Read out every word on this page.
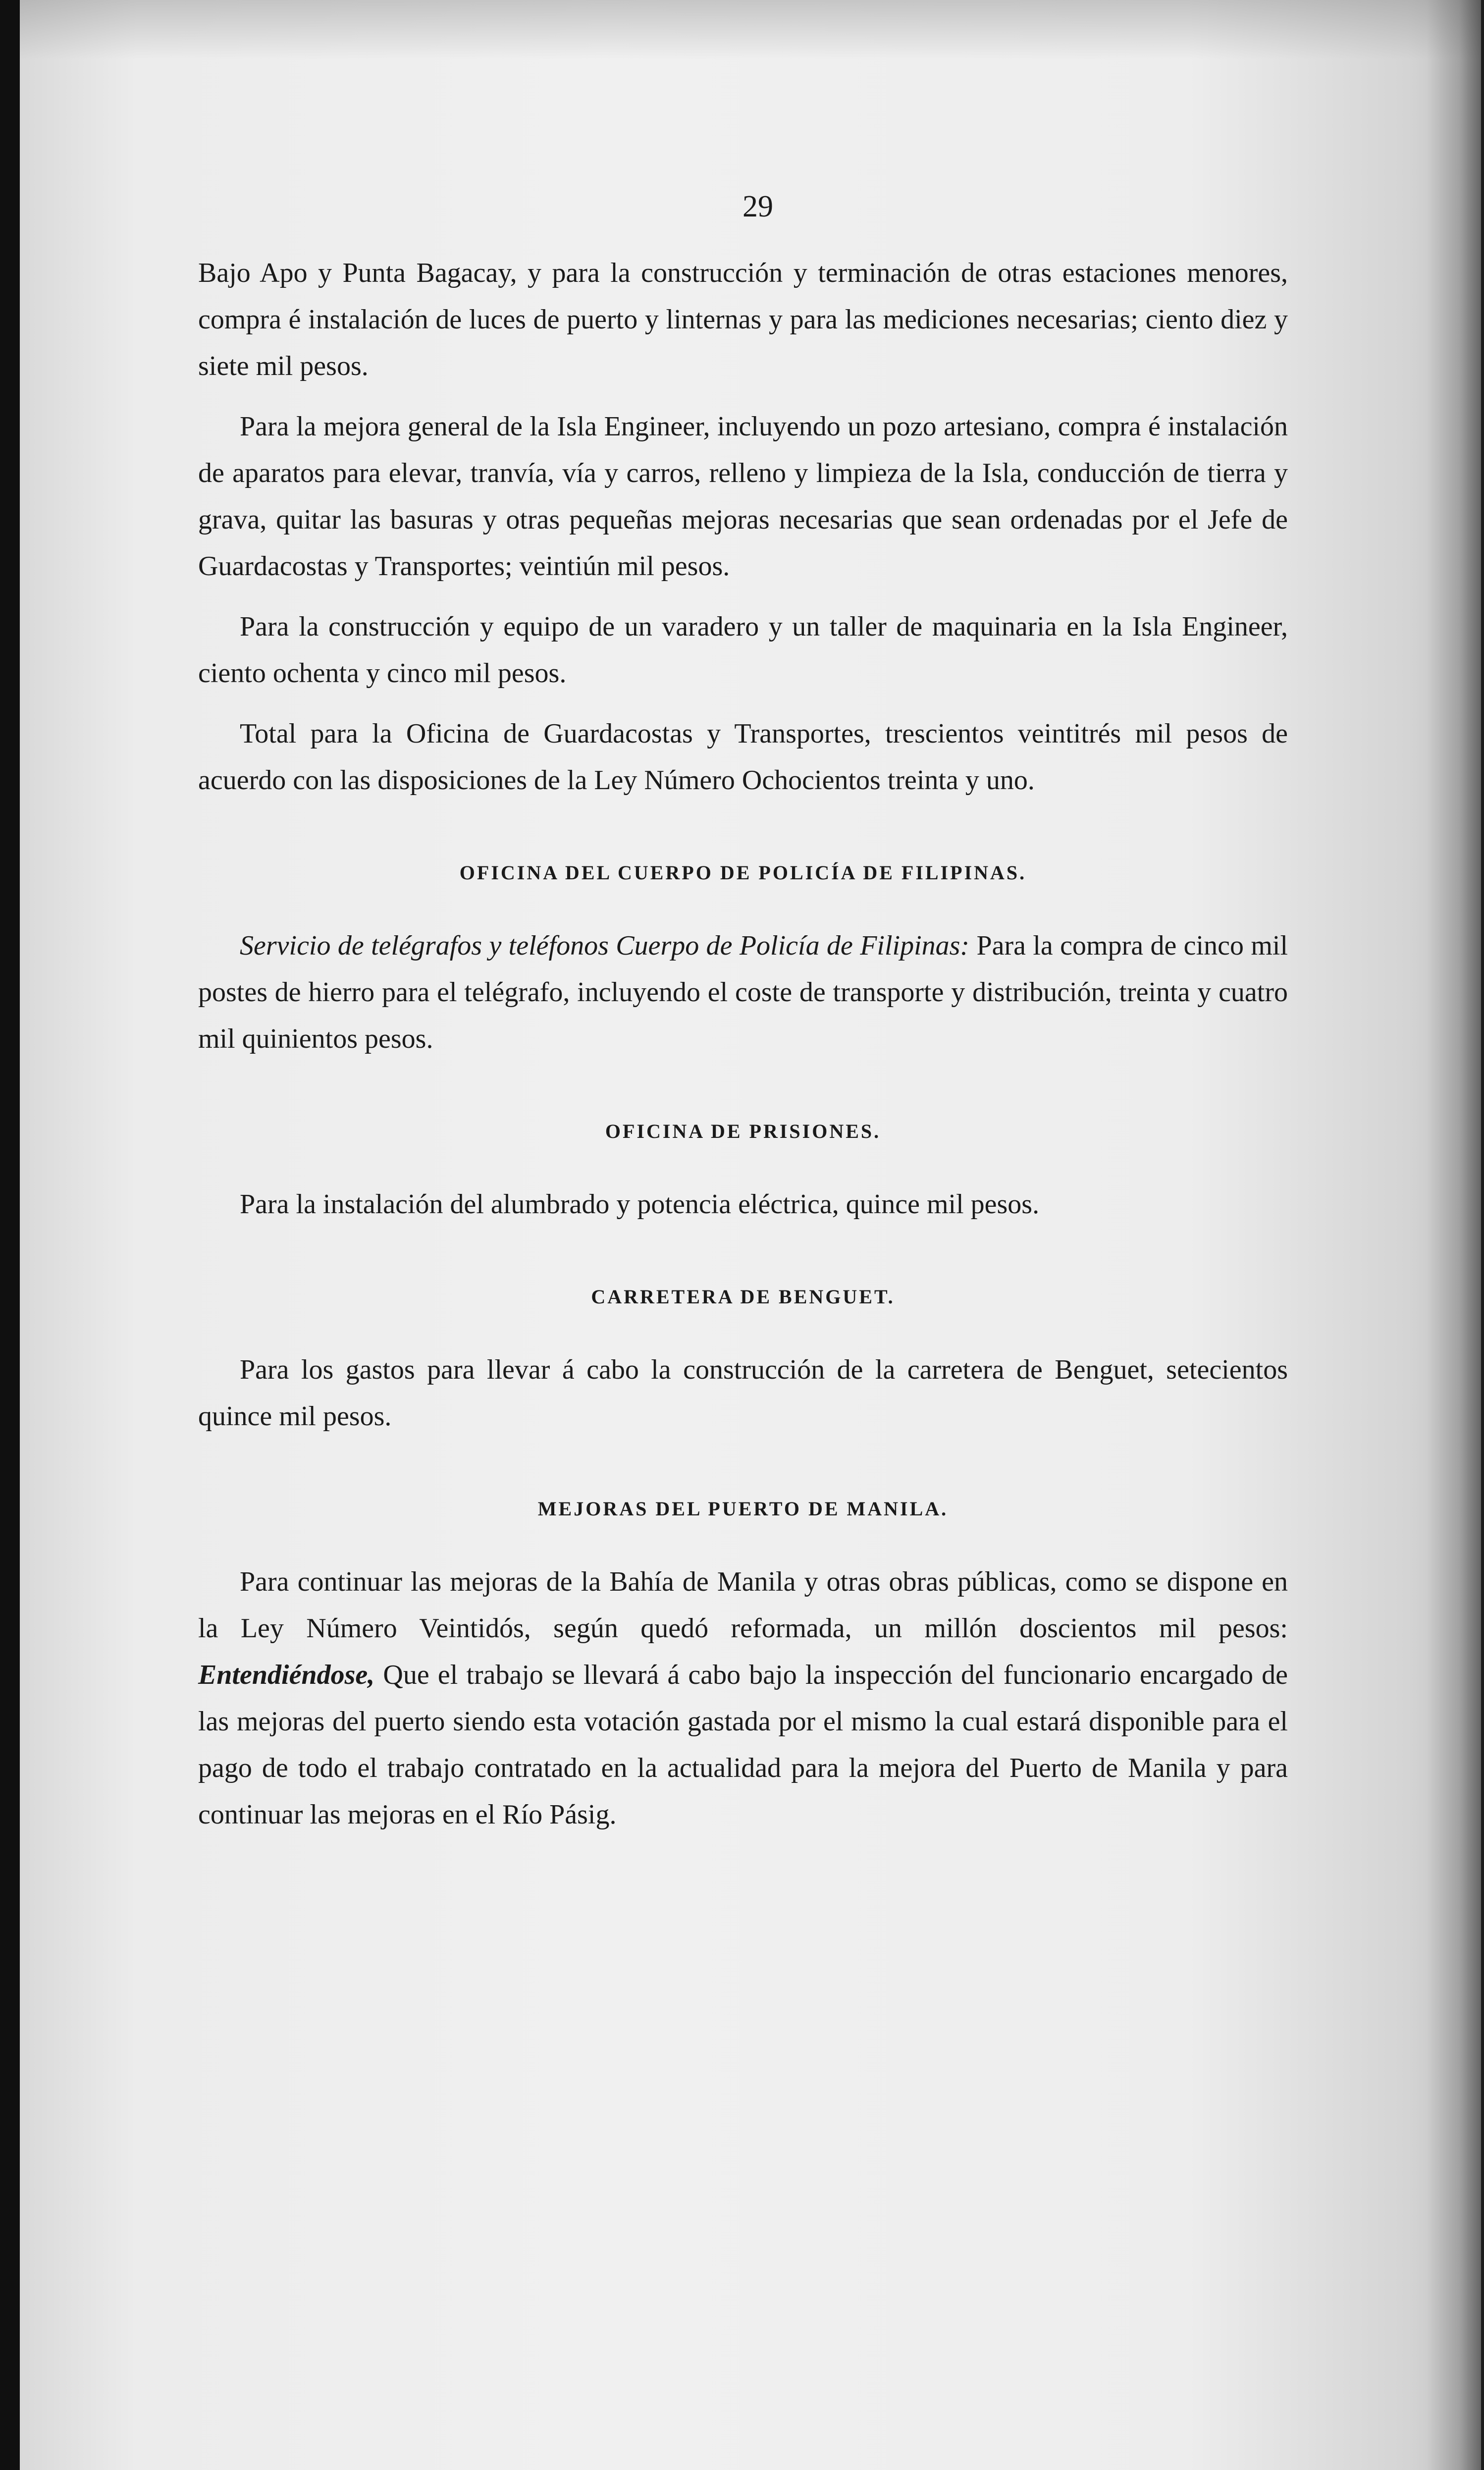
29

Bajo Apo y Punta Bagacay, y para la construcción y terminación de otras estaciones menores, compra é instalación de luces de puerto y linternas y para las mediciones necesarias; ciento diez y siete mil pesos.

Para la mejora general de la Isla Engineer, incluyendo un pozo artesiano, compra é instalación de aparatos para elevar, tranvía, vía y carros, relleno y limpieza de la Isla, conducción de tierra y grava, quitar las basuras y otras pequeñas mejoras necesarias que sean ordenadas por el Jefe de Guardacostas y Transportes; veintiún mil pesos.

Para la construcción y equipo de un varadero y un taller de maquinaria en la Isla Engineer, ciento ochenta y cinco mil pesos.

Total para la Oficina de Guardacostas y Transportes, trescientos veintitrés mil pesos de acuerdo con las disposiciones de la Ley Número Ochocientos treinta y uno.

OFICINA DEL CUERPO DE POLICÍA DE FILIPINAS.

Servicio de telégrafos y teléfonos Cuerpo de Policía de Filipinas: Para la compra de cinco mil postes de hierro para el telégrafo, incluyendo el coste de transporte y distribución, treinta y cuatro mil quinientos pesos.

OFICINA DE PRISIONES.

Para la instalación del alumbrado y potencia eléctrica, quince mil pesos.

CARRETERA DE BENGUET.

Para los gastos para llevar á cabo la construcción de la carretera de Benguet, setecientos quince mil pesos.

MEJORAS DEL PUERTO DE MANILA.

Para continuar las mejoras de la Bahía de Manila y otras obras públicas, como se dispone en la Ley Número Veintidós, según quedó reformada, un millón doscientos mil pesos: Entendiéndose, Que el trabajo se llevará á cabo bajo la inspección del funcionario encargado de las mejoras del puerto siendo esta votación gastada por el mismo la cual estará disponible para el pago de todo el trabajo contratado en la actualidad para la mejora del Puerto de Manila y para continuar las mejoras en el Río Pásig.
